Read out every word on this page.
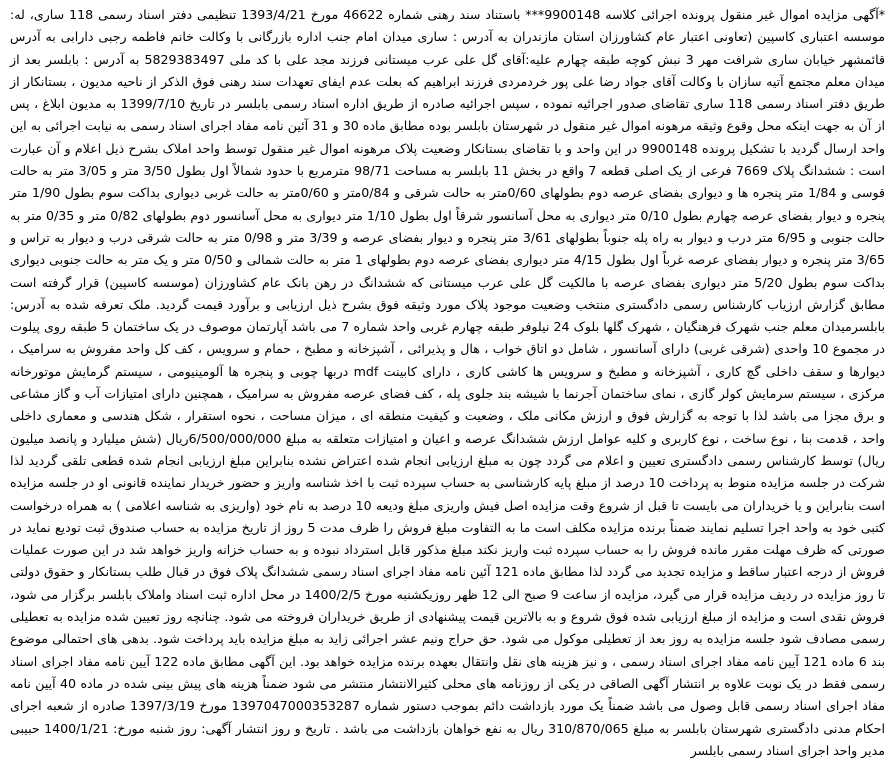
*آگهی مزایده اموال غیر منقول پرونده اجرائی کلاسه 9900148*** باستناد سند رهنی شماره 46622 مورخ 1393/4/21 تنظیمی دفتر اسناد رسمی 118 ساری، له: موسسه اعتباری کاسپین (تعاونی اعتبار عام کشاورزان استان مازندران به آدرس : ساری میدان امام جنب اداره بازرگانی با وکالت خانم فاطمه رجبی دارابی به آدرس قائمشهر خیابان ساری شرافت مهر 3 نبش کوچه طبقه چهارم علیه:آقای گل علی عرب میستانی فرزند مجد علی با کد ملی 5829383497 به آدرس : بابلسر بعد از میدان معلم مجتمع آتیه سازان با وکالت آقای جواد رضا علی پور خردمردی فرزند ابراهیم که بعلت عدم ایفای تعهدات سند رهنی فوق الذکر از ناحیه مدیون ، بستانکار از طریق دفتر اسناد رسمی 118 ساری تقاضای صدور اجرائیه نموده ، سپس اجرائیه صادره از طریق اداره اسناد رسمی بابلسر در تاریخ 1399/7/10 به مدیون ابلاغ ، پس از آن به جهت اینکه محل وقوع وثیقه مرهونه اموال غیر منقول در شهرستان بابلسر بوده مطابق ماده 30 و 31 آئین نامه مفاد اجرای اسناد رسمی به نیابت اجرائی به این واحد ارسال گردید با تشکیل پرونده 9900148 در این واحد و با تقاضای بستانکار وضعیت پلاک مرهونه اموال غیر منقول توسط واحد املاک بشرح ذیل اعلام و آن عبارت است : ششدانگ پلاک 7669 فرعی از یک اصلی قطعه 7 واقع در بخش 11 بابلسر به مساحت 98/71 مترمربع با حدود شمالاً اول بطول 3/50 متر و 3/05 متر به حالت قوسی و 1/84 متر پنجره ها و دیواری بفضای عرصه دوم بطولهای 0/60متر به حالت شرقی و 0/84متر و 0/60متر به حالت غربی دیواری بداکت سوم بطول 1/90 متر پنجره و دیوار بفضای عرصه چهارم بطول 0/10 متر دیواری به محل آسانسور شرقاً اول بطول 1/10 متر دیواری به محل آسانسور دوم بطولهای 0/82 متر و 0/35 متر به حالت جنوبی و 6/95 متر درب و دیوار به راه پله جنوباً بطولهای 3/61 متر پنجره و دیوار بفضای عرصه و 3/39 متر و 0/98 متر به حالت شرقی درب و دیوار به تراس و 3/65 متر پنجره و دیوار بفضای عرصه غرباً اول بطول 4/15 متر دیواری بفضای عرصه دوم بطولهای 1 متر به حالت شمالی و 0/50 متر و یک متر به حالت جنوبی دیواری بداکت سوم بطول 5/20 متر دیواری بفضای عرصه با مالکیت گل علی عرب میستانی که ششدانگ در رهن بانک عام کشاورزان (موسسه کاسپین) قرار گرفته است مطابق گزارش ارزیاب کارشناس رسمی دادگستری منتخب وضعیت موجود پلاک مورد وثیقه فوق بشرح ذیل ارزیابی و برآورد قیمت گردید. ملک تعرفه شده به آدرس: بابلسرمیدان معلم جنب شهرک فرهنگیان ، شهرک گلها بلوک 24 نیلوفر طبقه چهارم غربی واحد شماره 7 می باشد آپارتمان موصوف در یک ساختمان 5 طبقه روی پیلوت در مجموع 10 واحدی (شرقی غربی) دارای آسانسور ، شامل دو اتاق خواب ، هال و پذیرائی ، آشپزخانه و مطبخ ، حمام و سرویس ، کف کل واحد مفروش به سرامیک ، دیوارها و سقف داخلی گچ کاری ، آشپزخانه و مطبخ و سرویس ها کاشی کاری ، دارای کابینت mdf دربها چوبی و پنجره ها آلومینیومی ، سیستم گرمایش موتورخانه مرکزی ، سیستم سرمایش کولر گازی ، نمای ساختمان آجرنما با شیشه بند جلوی پله ، کف فضای عرصه مفروش به سرامیک ، همچنین دارای امتیازات آب و گاز مشاعی و برق مجزا می باشد لذا با توجه به گزارش فوق و ارزش مکانی ملک ، وضعیت و کیفیت منطقه ای ، میزان مساحت ، نحوه استقرار ، شکل هندسی و معماری داخلی واحد ، قدمت بنا ، نوع ساخت ، نوع کاربری و کلیه عوامل ارزش ششدانگ عرصه و اعیان و امتیازات متعلقه به مبلغ 6/500/000/000ریال (شش میلیارد و پانصد میلیون ریال) توسط کارشناس رسمی دادگستری تعیین و اعلام می گردد چون به مبلغ ارزیابی انجام شده اعتراض نشده بنابراین مبلغ ارزیابی انجام شده قطعی تلقی گردید لذا شرکت در جلسه مزایده منوط به پرداخت 10 درصد از مبلغ پایه کارشناسی به حساب سپرده ثبت با اخذ شناسه واریز و حضور خریدار نماینده قانونی او در جلسه مزایده است بنابراین و یا خریداران می بایست تا قبل از شروع وقت مزایده اصل فیش واریزی مبلغ ودیعه 10 درصد به نام خود (واریزی به شناسه اعلامی ) به همراه درخواست کتبی خود به واحد اجرا تسلیم نمایند ضمناً برنده مزایده مکلف است ما به التفاوت مبلغ فروش را ظرف مدت 5 روز از تاریخ مزایده به حساب صندوق ثبت تودیع نماید در صورتی که ظرف مهلت مقرر مانده فروش را به حساب سپرده ثبت واریز نکند مبلغ مذکور قابل استرداد نبوده و به حساب خزانه واریز خواهد شد در این صورت عملیات فروش از درجه اعتبار ساقط و مزایده تجدید می گردد لذا مطابق ماده 121 آئین نامه مفاد اجرای اسناد رسمی ششدانگ پلاک فوق در قبال طلب بستانکار و حقوق دولتی تا روز مزایده در ردیف مزایده قرار می گیرد، مزایده از ساعت 9 صبح الی 12 ظهر روزیکشنبه مورخ 1400/2/5 در محل اداره ثبت اسناد واملاک بابلسر برگزار می شود، فروش نقدی است و مزایده از مبلغ ارزیابی شده فوق شروع و به بالاترین قیمت پیشنهادی از طریق خریداران فروخته می شود. چنانچه روز تعیین شده مزایده به تعطیلی رسمی مصادف شود جلسه مزایده به روز بعد از تعطیلی موکول می شود. حق حراج ونیم عشر اجرائی زاید به مبلغ مزایده باید پرداخت شود. بدهی های احتمالی موضوع بند 6 ماده 121 آیین نامه مفاد اجرای اسناد رسمی ، و نیز هزینه های نقل وانتقال بعهده برنده مزایده خواهد بود. این آگهی مطابق ماده 122 آیین نامه مفاد اجرای اسناد رسمی فقط در یک نوبت علاوه بر انتشار آگهی الصاقی در یکی از روزنامه های محلی کثیرالانتشار منتشر می شود ضمناً هزینه های پیش بینی شده در ماده 40 آیین نامه مفاد اجرای اسناد رسمی قابل وصول می باشد ضمناً یک مورد بازداشت دائم بموجب دستور شماره 1397047000353287 مورخ 1397/3/19 صادره از شعبه اجرای احکام مدنی دادگستری شهرستان بابلسر به مبلغ 310/870/065 ریال به نفع خواهان بازداشت می باشد . تاریخ و روز انتشار آگهی: روز شنبه مورخ: 1400/1/21 حبیبی مدیر واحد اجرای اسناد رسمی بابلسر
